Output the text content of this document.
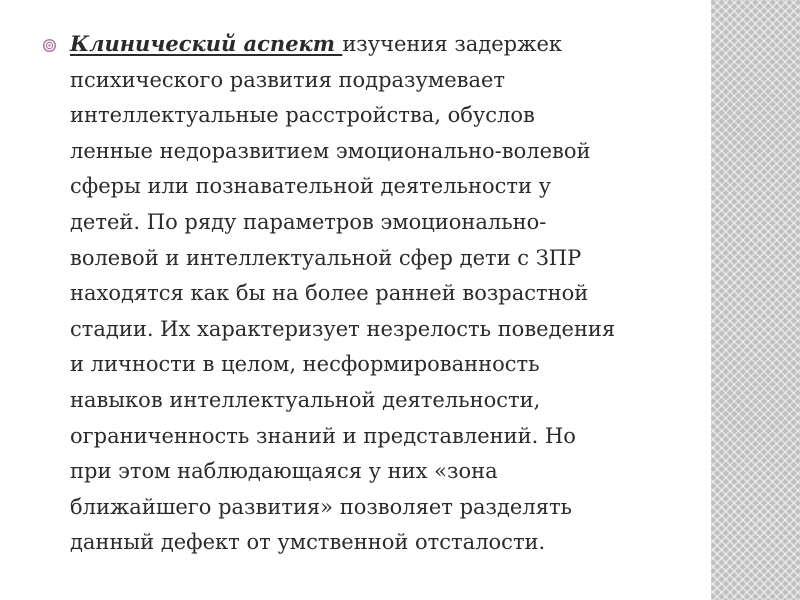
Клинический аспект изучения задержек
психического развития подразумевает
интеллектуальные расстройства, обуслов
ленные недоразвитием эмоционально-волевой
сферы или познавательной деятельности у
детей. По ряду параметров эмоционально-
волевой и интеллектуальной сфер дети с ЗПР
находятся как бы на более ранней возрастной
стадии. Их характеризует незрелость поведения
и личности в целом, несформированность
навыков интеллектуальной деятельности,
ограниченность знаний и представлений. Но
при этом наблюдающаяся у них «зона
ближайшего развития» позволяет разделять
данный дефект от умственной отсталости.
